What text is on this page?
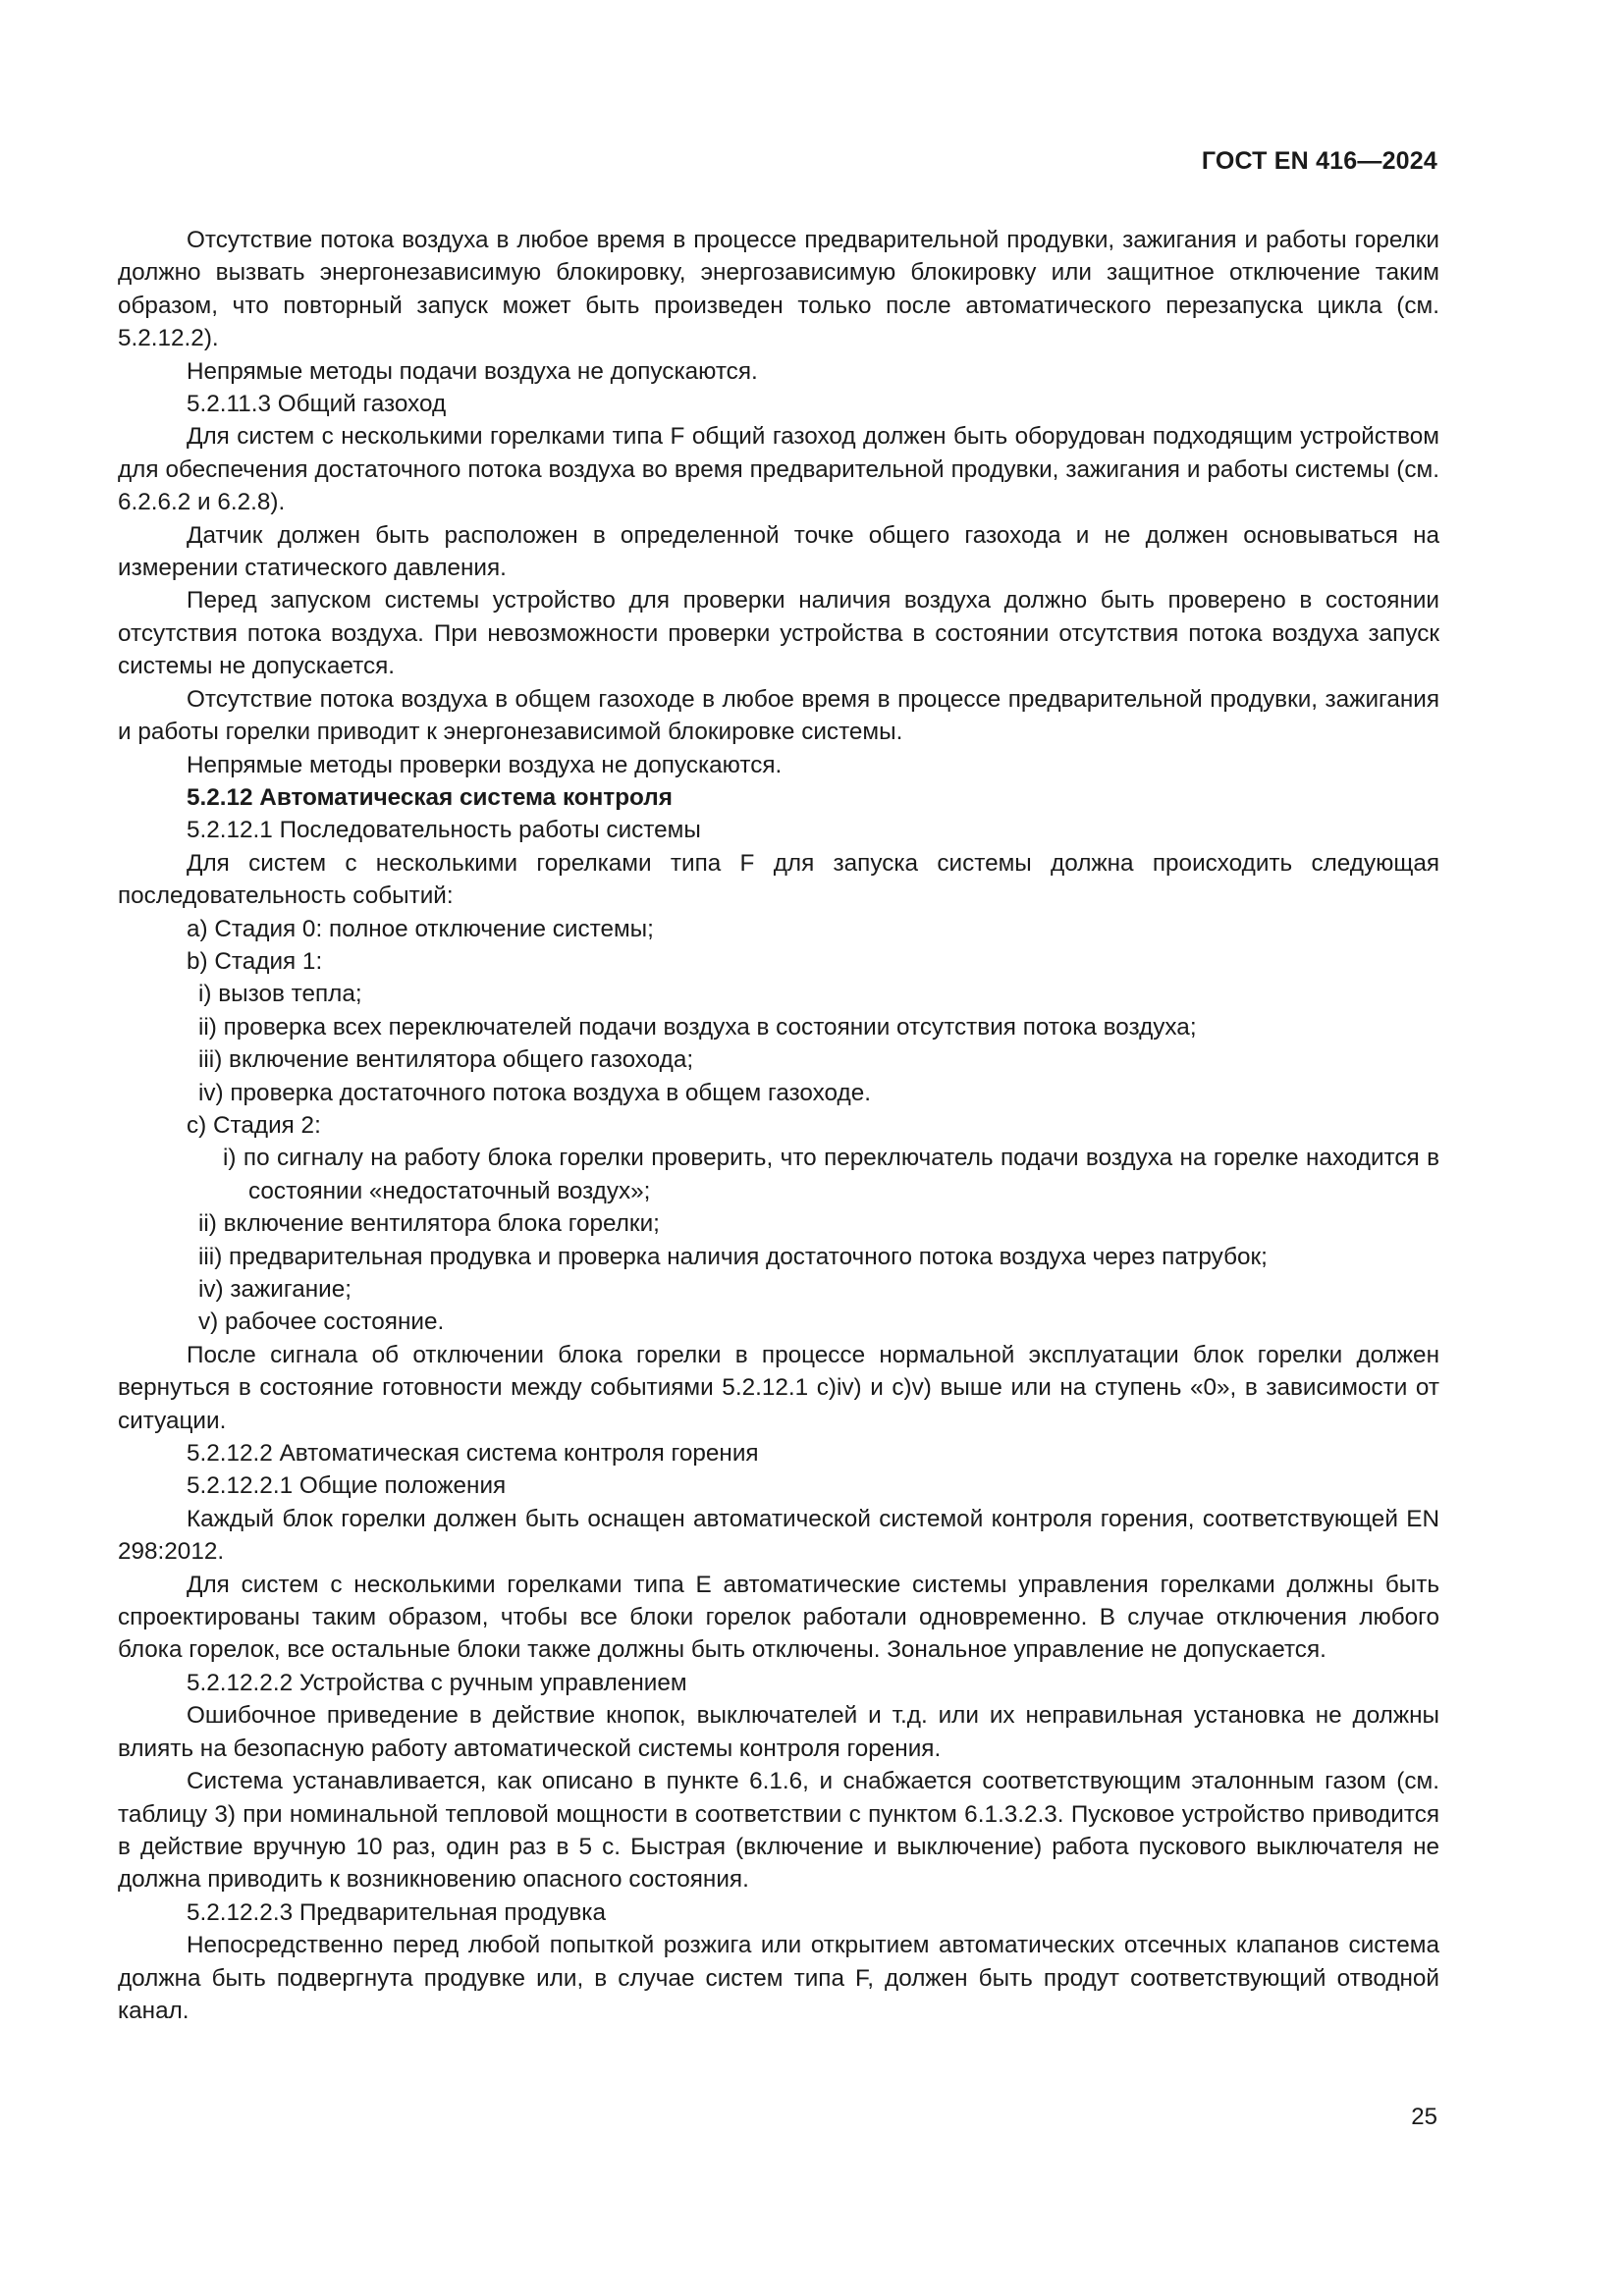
ГОСТ EN 416—2024

Отсутствие потока воздуха в любое время в процессе предварительной продувки, зажигания и работы горелки должно вызвать энергонезависимую блокировку, энергозависимую блокировку или защитное отключение таким образом, что повторный запуск может быть произведен только после автоматического перезапуска цикла (см. 5.2.12.2).

Непрямые методы подачи воздуха не допускаются.

5.2.11.3 Общий газоход

Для систем с несколькими горелками типа F общий газоход должен быть оборудован подходящим устройством для обеспечения достаточного потока воздуха во время предварительной продувки, зажигания и работы системы (см. 6.2.6.2 и 6.2.8).

Датчик должен быть расположен в определенной точке общего газохода и не должен основываться на измерении статического давления.

Перед запуском системы устройство для проверки наличия воздуха должно быть проверено в состоянии отсутствия потока воздуха. При невозможности проверки устройства в состоянии отсутствия потока воздуха запуск системы не допускается.

Отсутствие потока воздуха в общем газоходе в любое время в процессе предварительной продувки, зажигания и работы горелки приводит к энергонезависимой блокировке системы.

Непрямые методы проверки воздуха не допускаются.

5.2.12 Автоматическая система контроля

5.2.12.1 Последовательность работы системы

Для систем с несколькими горелками типа F для запуска системы должна происходить следующая последовательность событий:

a) Стадия 0: полное отключение системы;

b) Стадия 1:

i) вызов тепла;

ii) проверка всех переключателей подачи воздуха в состоянии отсутствия потока воздуха;

iii) включение вентилятора общего газохода;

iv) проверка достаточного потока воздуха в общем газоходе.

c) Стадия 2:

i) по сигналу на работу блока горелки проверить, что переключатель подачи воздуха на горелке находится в состоянии «недостаточный воздух»;

ii) включение вентилятора блока горелки;

iii) предварительная продувка и проверка наличия достаточного потока воздуха через патрубок;

iv) зажигание;

v) рабочее состояние.

После сигнала об отключении блока горелки в процессе нормальной эксплуатации блок горелки должен вернуться в состояние готовности между событиями 5.2.12.1 c)iv) и c)v) выше или на ступень «0», в зависимости от ситуации.

5.2.12.2 Автоматическая система контроля горения

5.2.12.2.1 Общие положения

Каждый блок горелки должен быть оснащен автоматической системой контроля горения, соответствующей EN 298:2012.

Для систем с несколькими горелками типа E автоматические системы управления горелками должны быть спроектированы таким образом, чтобы все блоки горелок работали одновременно. В случае отключения любого блока горелок, все остальные блоки также должны быть отключены. Зональное управление не допускается.

5.2.12.2.2 Устройства с ручным управлением

Ошибочное приведение в действие кнопок, выключателей и т.д. или их неправильная установка не должны влиять на безопасную работу автоматической системы контроля горения.

Система устанавливается, как описано в пункте 6.1.6, и снабжается соответствующим эталонным газом (см. таблицу 3) при номинальной тепловой мощности в соответствии с пунктом 6.1.3.2.3. Пусковое устройство приводится в действие вручную 10 раз, один раз в 5 с. Быстрая (включение и выключение) работа пускового выключателя не должна приводить к возникновению опасного состояния.

5.2.12.2.3 Предварительная продувка

Непосредственно перед любой попыткой розжига или открытием автоматических отсечных клапанов система должна быть подвергнута продувке или, в случае систем типа F, должен быть продут соответствующий отводной канал.

25
